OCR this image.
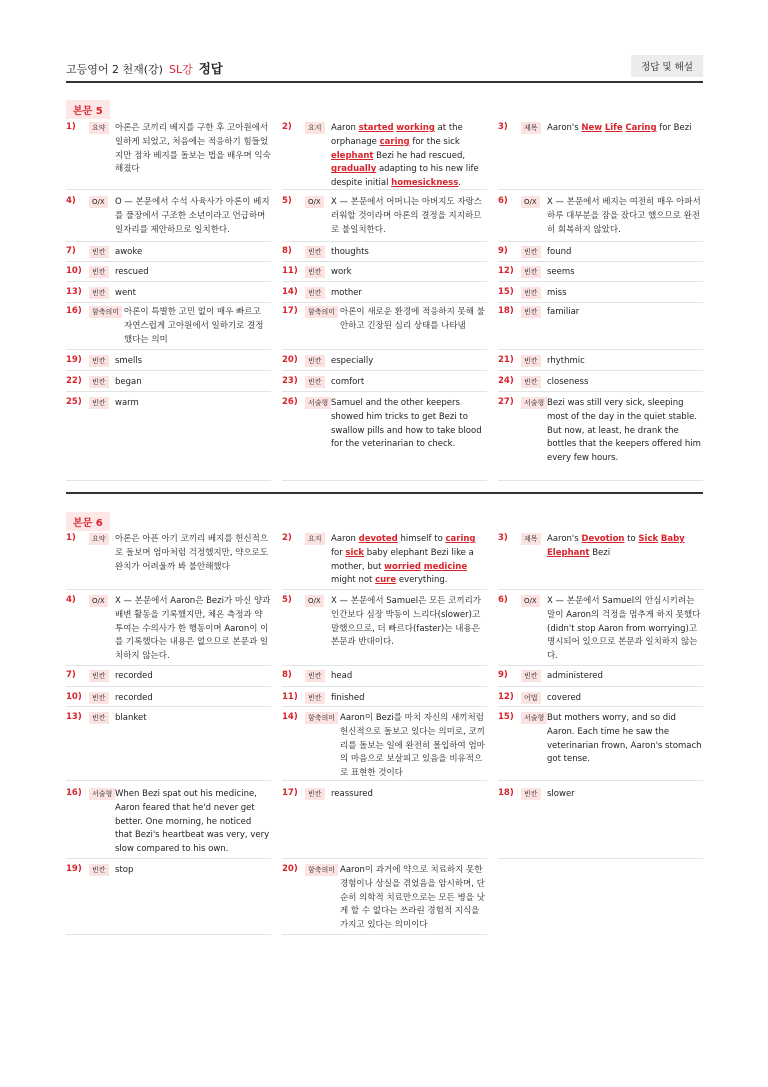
고등영어 2 천재(강) SL강 정답	정답 및 해설
본문 5
1)	요약	아론은 코끼리 베지를 구한 후 고아원에서 일하게 되었고, 처음에는 적응하기 힘들었지만 점차 베지를 돌보는 법을 배우며 익숙해졌다
2)	요지	Aaron started working at the orphanage caring for the sick elephant Bezi he had rescued, gradually adapting to his new life despite initial homesickness.
3)	제목	Aaron's New Life Caring for Bezi
4)	O/X	O — 본문에서 수석 사육사가 아론이 베지를 풀장에서 구조한 소년이라고 언급하며 일자리를 제안하므로 일치한다.
5)	O/X	X — 본문에서 어머니는 아버지도 자랑스러워할 것이라며 아론의 결정을 지지하므로 불일치한다.
6)	O/X	X — 본문에서 베지는 여전히 매우 아파서 하루 대부분을 잠을 잤다고 했으므로 완전히 회복하지 않았다.
7)	빈칸	awoke	8)	빈칸	thoughts	9)	빈칸	found
10)	빈칸	rescued	11)	빈칸	work	12)	빈칸	seems
13)	빈칸	went	14)	빈칸	mother	15)	빈칸	miss
16)	함축의미 아론이 특별한 고민 없이 매우 빠르고 자연스럽게 고아원에서 일하기로 결정했다는 의미
17)	함축의미 아론이 새로운 환경에 적응하지 못해 불안하고 긴장된 심리 상태를 나타냄
18)	빈칸	familiar
19)	빈칸	smells	20)	빈칸	especially	21)	빈칸	rhythmic
22)	빈칸	began	23)	빈칸	comfort	24)	빈칸	closeness
25)	빈칸	warm	26)	서술형 Samuel and the other keepers showed him tricks to get Bezi to swallow pills and how to take blood for the veterinarian to check.
27)	서술형 Bezi was still very sick, sleeping most of the day in the quiet stable. But now, at least, he drank the bottles that the keepers offered him every few hours.
본문 6
1)	요약	아론은 아픈 아기 코끼리 베지를 헌신적으로 돌보며 엄마처럼 걱정했지만, 약으로도 완치가 어려울까 봐 불안해했다
2)	요지	Aaron devoted himself to caring for sick baby elephant Bezi like a mother, but worried medicine might not cure everything.
3)	제목	Aaron's Devotion to Sick Baby Elephant Bezi
4)	O/X	X — 본문에서 Aaron은 Bezi가 마신 양과 배변 활동을 기록했지만, 체온 측정과 약 투여는 수의사가 한 행동이며 Aaron이 이를 기록했다는 내용은 없으므로 본문과 일치하지 않는다.
5)	O/X	X — 본문에서 Samuel은 모든 코끼리가 인간보다 심장 박동이 느리다(slower)고 말했으므로, 더 빠르다(faster)는 내용은 본문과 반대이다.
6)	O/X	X — 본문에서 Samuel의 안심시키려는 말이 Aaron의 걱정을 멈추게 하지 못했다(didn't stop Aaron from worrying)고 명시되어 있으므로 본문과 일치하지 않는다.
7)	빈칸	recorded	8)	빈칸	head	9)	빈칸	administered
10)	빈칸	recorded	11)	빈칸	finished	12)	어법	covered
13)	빈칸	blanket	14)	함축의미 Aaron이 Bezi를 마치 자신의 새끼처럼 헌신적으로 돌보고 있다는 의미로, 코끼리를 돌보는 일에 완전히 몰입하여 엄마의 마음으로 보살피고 있음을 비유적으로 표현한 것이다
15)	서술형 But mothers worry, and so did Aaron. Each time he saw the veterinarian frown, Aaron's stomach got tense.
16)	서술형 When Bezi spat out his medicine, Aaron feared that he'd never get better. One morning, he noticed that Bezi's heartbeat was very, very slow compared to his own.
17)	빈칸	reassured	18)	빈칸	slower
19)	빈칸	stop	20)	함축의미 Aaron이 과거에 약으로 치료하지 못한 경험이나 상실을 겪었음을 암시하며, 단순히 의학적 치료만으로는 모든 병을 낫게 할 수 없다는 쓰라린 경험적 지식을 가지고 있다는 의미이다
